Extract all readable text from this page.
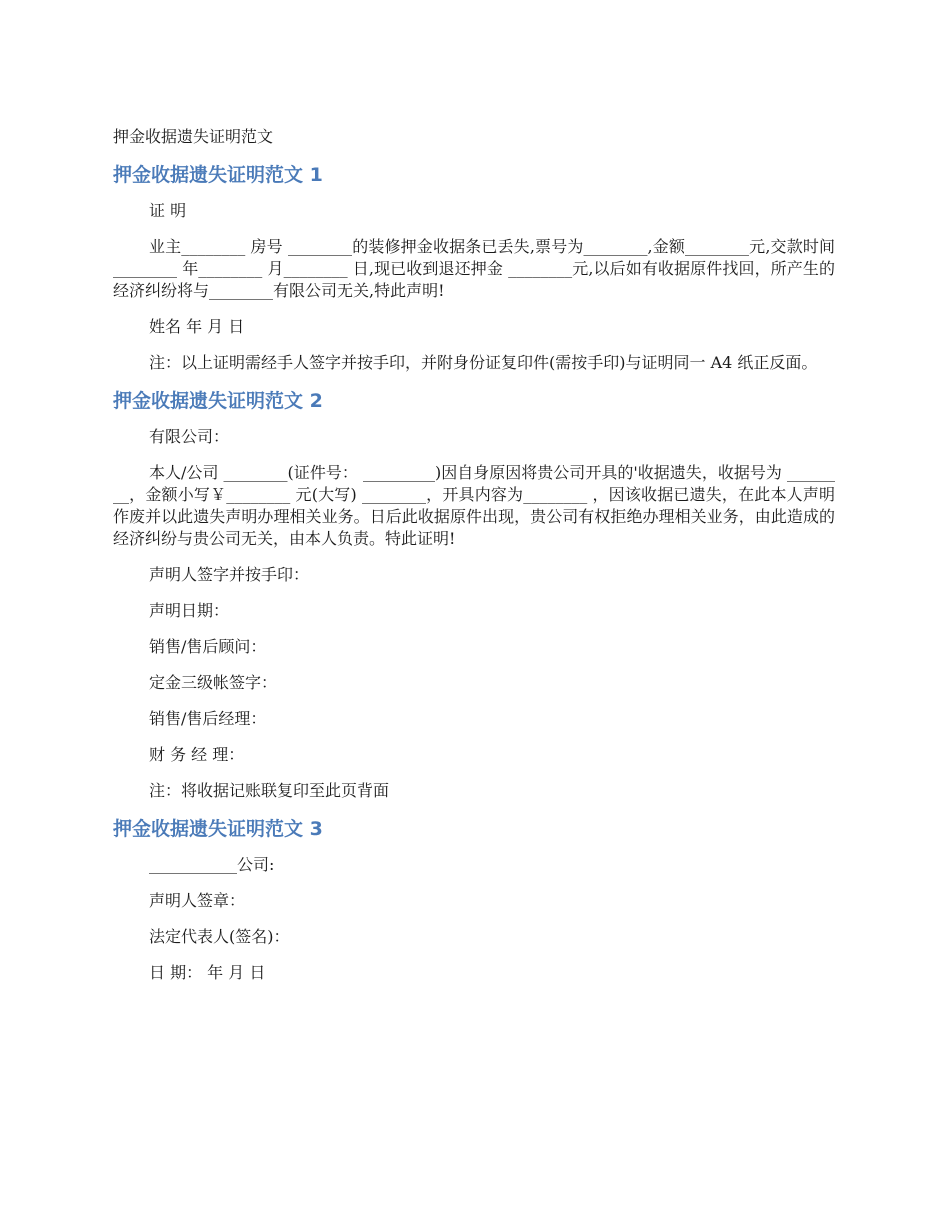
押金收据遗失证明范文
押金收据遗失证明范文 1

证 明

业主________ 房号 ________的装修押金收据条已丢失,票号为________,金额________元,交款时间________ 年________ 月________ 日,现已收到退还押金 ________元,以后如有收据原件找回，所产生的经济纠纷将与________有限公司无关,特此声明!

姓名 年 月 日

注：以上证明需经手人签字并按手印，并附身份证复印件(需按手印)与证明同一 A4 纸正反面。

押金收据遗失证明范文 2

有限公司：

本人/公司 ________(证件号： _________)因自身原因将贵公司开具的'收据遗失，收据号为 ________，金额小写￥________ 元(大写) ________，开具内容为________ ，因该收据已遗失，在此本人声明作废并以此遗失声明办理相关业务。日后此收据原件出现，贵公司有权拒绝办理相关业务，由此造成的经济纠纷与贵公司无关，由本人负责。特此证明!

声明人签字并按手印：

声明日期：

销售/售后顾问：

定金三级帐签字：

销售/售后经理：

财 务 经 理：

注：将收据记账联复印至此页背面

押金收据遗失证明范文 3

___________公司:

声明人签章：

法定代表人(签名)：

日 期： 年 月 日
